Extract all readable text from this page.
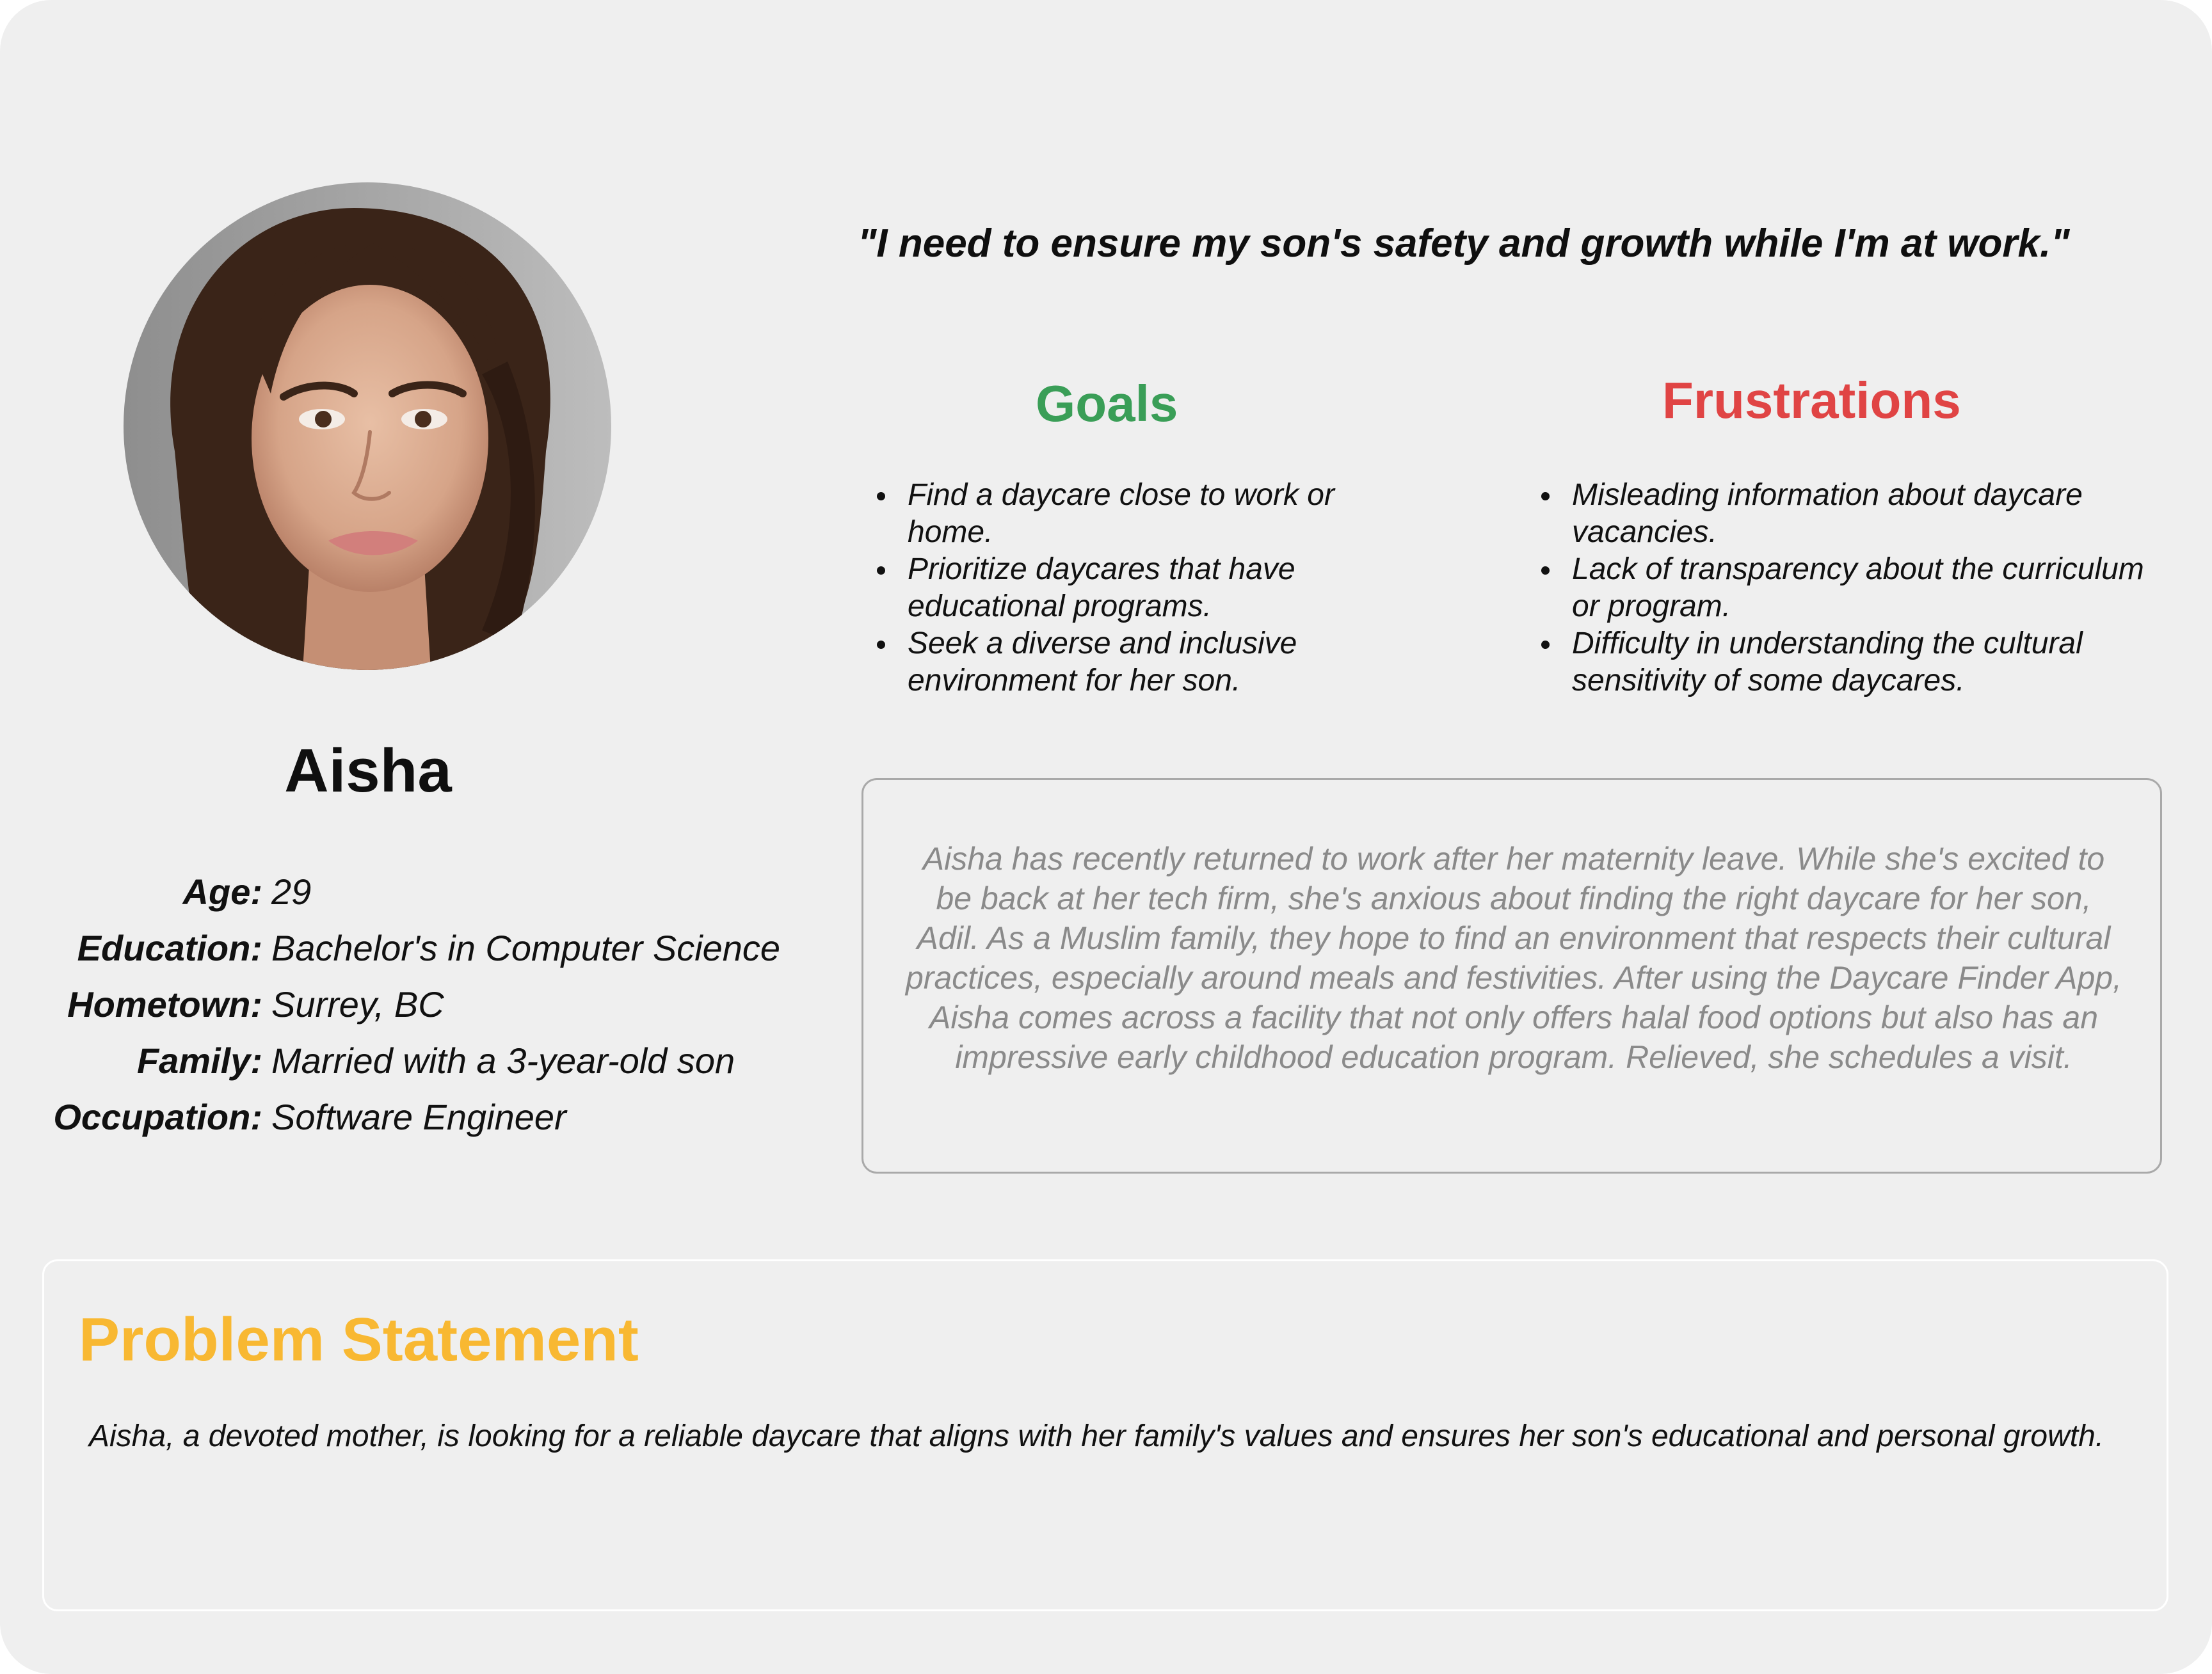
Aisha
Age: 29
Education: Bachelor's in Computer Science
Hometown: Surrey, BC
Family: Married with a 3-year-old son
Occupation: Software Engineer
"I need to ensure my son's safety and growth while I'm at work."
Goals
Find a daycare close to work or home.
Prioritize daycares that have educational programs.
Seek a diverse and inclusive environment for her son.
Frustrations
Misleading information about daycare vacancies.
Lack of transparency about the curriculum or program.
Difficulty in understanding the cultural sensitivity of some daycares.
Aisha has recently returned to work after her maternity leave. While she's excited to be back at her tech firm, she's anxious about finding the right daycare for her son, Adil. As a Muslim family, they hope to find an environment that respects their cultural practices, especially around meals and festivities. After using the Daycare Finder App, Aisha comes across a facility that not only offers halal food options but also has an impressive early childhood education program. Relieved, she schedules a visit.
Problem Statement
Aisha, a devoted mother, is looking for a reliable daycare that aligns with her family's values and ensures her son's educational and personal growth.
